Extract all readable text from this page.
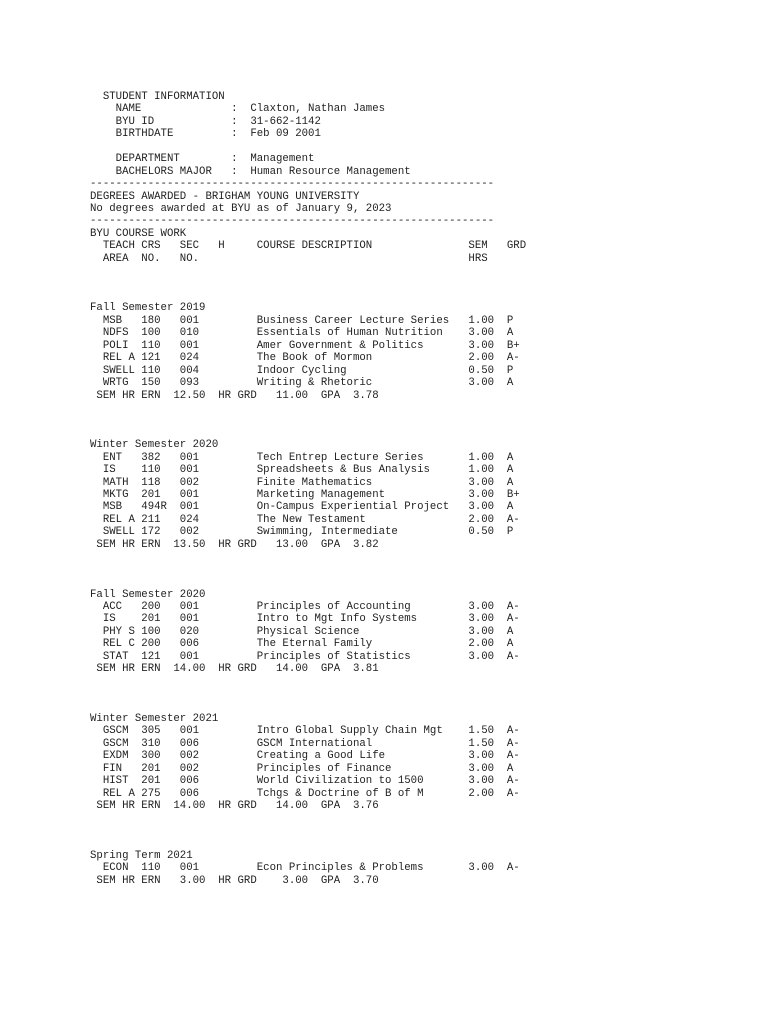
STUDENT INFORMATION
NAME              :  Claxton, Nathan James
BYU ID            :  31-662-1142
BIRTHDATE         :  Feb 09 2001
DEPARTMENT        :  Management
BACHELORS MAJOR   :  Human Resource Management
---------------------------------------------------------------
DEGREES AWARDED - BRIGHAM YOUNG UNIVERSITY
No degrees awarded at BYU as of January 9, 2023
---------------------------------------------------------------
BYU COURSE WORK
TEACH CRS   SEC   H     COURSE DESCRIPTION               SEM   GRD
AREA  NO.   NO.                                          HRS
Fall Semester 2019
MSB   180   001         Business Career Lecture Series   1.00  P
NDFS  100   010         Essentials of Human Nutrition    3.00  A
POLI  110   001         Amer Government & Politics       3.00  B+
REL A 121   024         The Book of Mormon               2.00  A-
SWELL 110   004         Indoor Cycling                   0.50  P
WRTG  150   093         Writing & Rhetoric               3.00  A
SEM HR ERN  12.50  HR GRD   11.00  GPA  3.78
Winter Semester 2020
ENT   382   001         Tech Entrep Lecture Series       1.00  A
IS    110   001         Spreadsheets & Bus Analysis      1.00  A
MATH  118   002         Finite Mathematics               3.00  A
MKTG  201   001         Marketing Management             3.00  B+
MSB   494R  001         On-Campus Experiential Project   3.00  A
REL A 211   024         The New Testament                2.00  A-
SWELL 172   002         Swimming, Intermediate           0.50  P
SEM HR ERN  13.50  HR GRD   13.00  GPA  3.82
Fall Semester 2020
ACC   200   001         Principles of Accounting         3.00  A-
IS    201   001         Intro to Mgt Info Systems        3.00  A-
PHY S 100   020         Physical Science                 3.00  A
REL C 200   006         The Eternal Family               2.00  A
STAT  121   001         Principles of Statistics         3.00  A-
SEM HR ERN  14.00  HR GRD   14.00  GPA  3.81
Winter Semester 2021
GSCM  305   001         Intro Global Supply Chain Mgt    1.50  A-
GSCM  310   006         GSCM International               1.50  A-
EXDM  300   002         Creating a Good Life             3.00  A-
FIN   201   002         Principles of Finance            3.00  A
HIST  201   006         World Civilization to 1500       3.00  A-
REL A 275   006         Tchgs & Doctrine of B of M       2.00  A-
SEM HR ERN  14.00  HR GRD   14.00  GPA  3.76
Spring Term 2021
ECON  110   001         Econ Principles & Problems       3.00  A-
SEM HR ERN   3.00  HR GRD    3.00  GPA  3.70
